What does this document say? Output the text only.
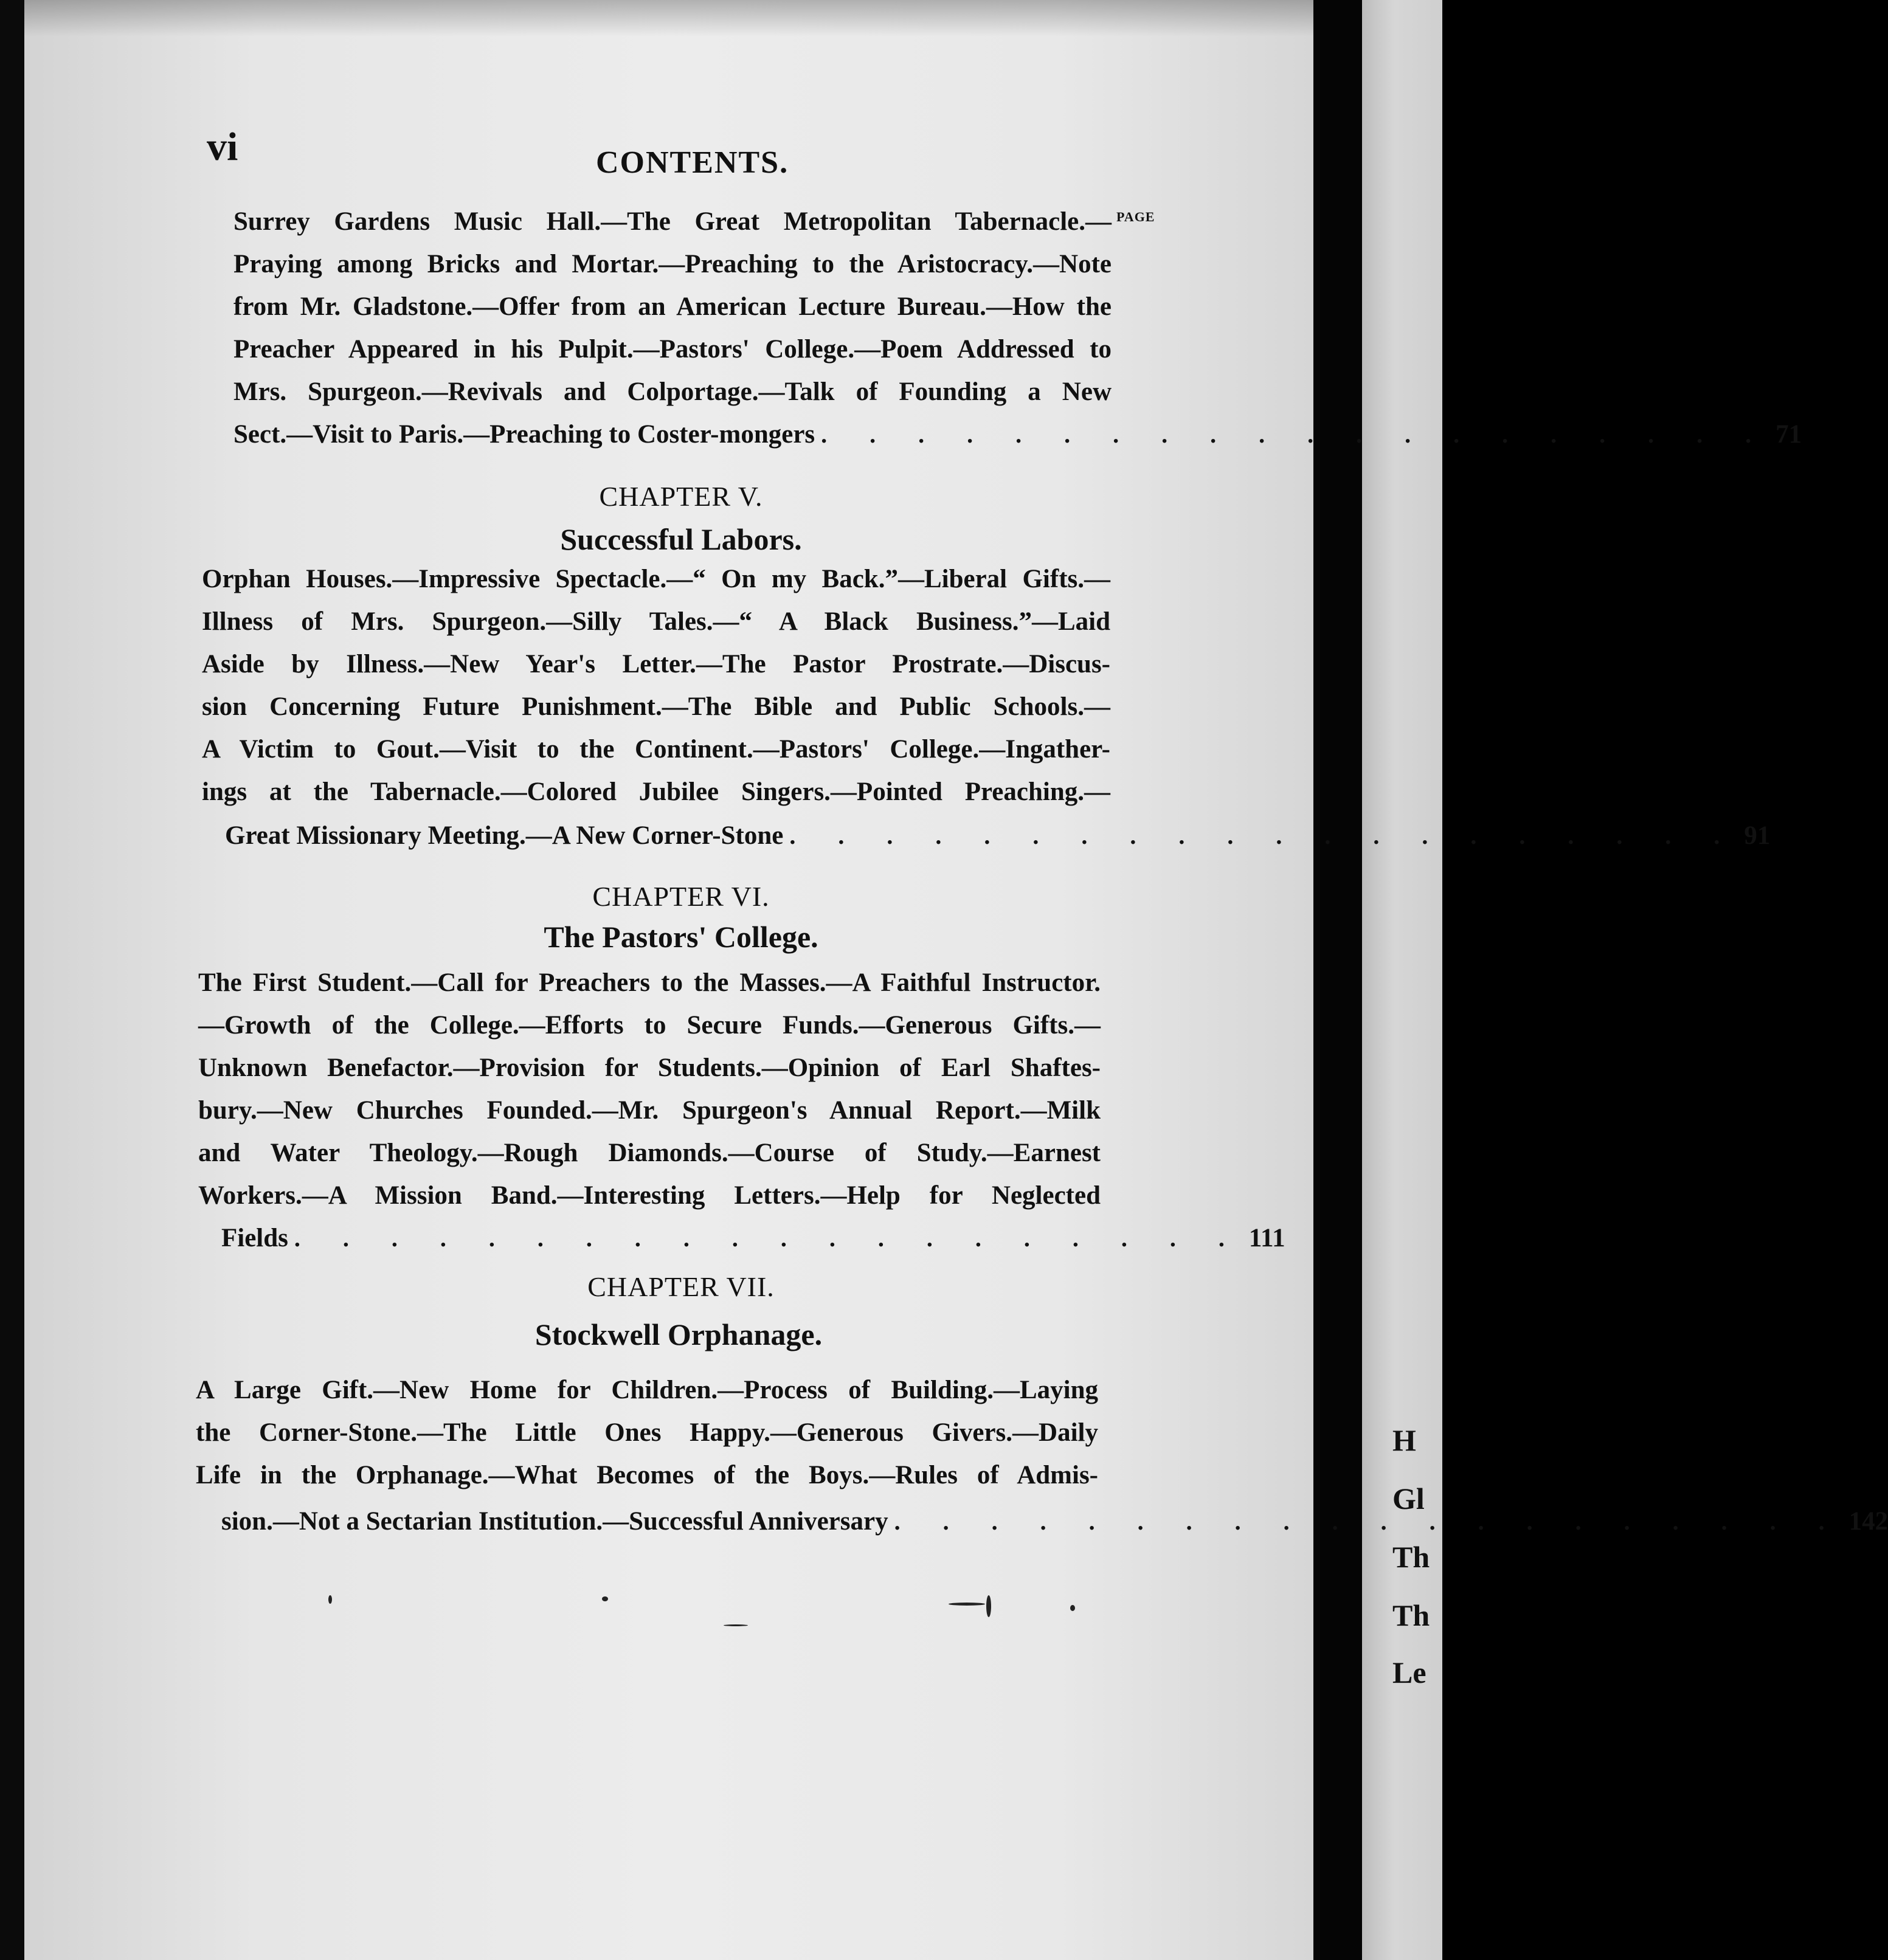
vi	CONTENTS.
PAGE
Surrey Gardens Music Hall.—The Great Metropolitan Tabernacle.—
Praying among Bricks and Mortar.—Preaching to the Aristocracy.—Note
from Mr. Gladstone.—Offer from an American Lecture Bureau.—How the
Preacher Appeared in his Pulpit.—Pastors' College.—Poem Addressed to
Mrs. Spurgeon.—Revivals and Colportage.—Talk of Founding a New
Sect.—Visit to Paris.—Preaching to Coster-mongers . . . . . . . . . . . . . . . . . . . . 71
CHAPTER V.
Successful Labors.
Orphan Houses.—Impressive Spectacle.—“ On my Back.”—Liberal Gifts.—
Illness of Mrs. Spurgeon.—Silly Tales.—“ A Black Business.”—Laid
Aside by Illness.—New Year's Letter.—The Pastor Prostrate.—Discus-
sion Concerning Future Punishment.—The Bible and Public Schools.—
A Victim to Gout.—Visit to the Continent.—Pastors' College.—Ingather-
ings at the Tabernacle.—Colored Jubilee Singers.—Pointed Preaching.—
Great Missionary Meeting.—A New Corner-Stone . . . . . . . . . . . . . . . . . . . . 91
CHAPTER VI.
The Pastors' College.
The First Student.—Call for Preachers to the Masses.—A Faithful Instructor.
—Growth of the College.—Efforts to Secure Funds.—Generous Gifts.—
Unknown Benefactor.—Provision for Students.—Opinion of Earl Shaftes-
bury.—New Churches Founded.—Mr. Spurgeon's Annual Report.—Milk
and Water Theology.—Rough Diamonds.—Course of Study.—Earnest
Workers.—A Mission Band.—Interesting Letters.—Help for Neglected
Fields . . . . . . . . . . . . . . . . . . . . 111
CHAPTER VII.
Stockwell Orphanage.
A Large Gift.—New Home for Children.—Process of Building.—Laying
the Corner-Stone.—The Little Ones Happy.—Generous Givers.—Daily
Life in the Orphanage.—What Becomes of the Boys.—Rules of Admis-
sion.—Not a Sectarian Institution.—Successful Anniversary . . . . . . . . . . . . . . . . . . . . 142
H
Gl
Th
Th
Le
